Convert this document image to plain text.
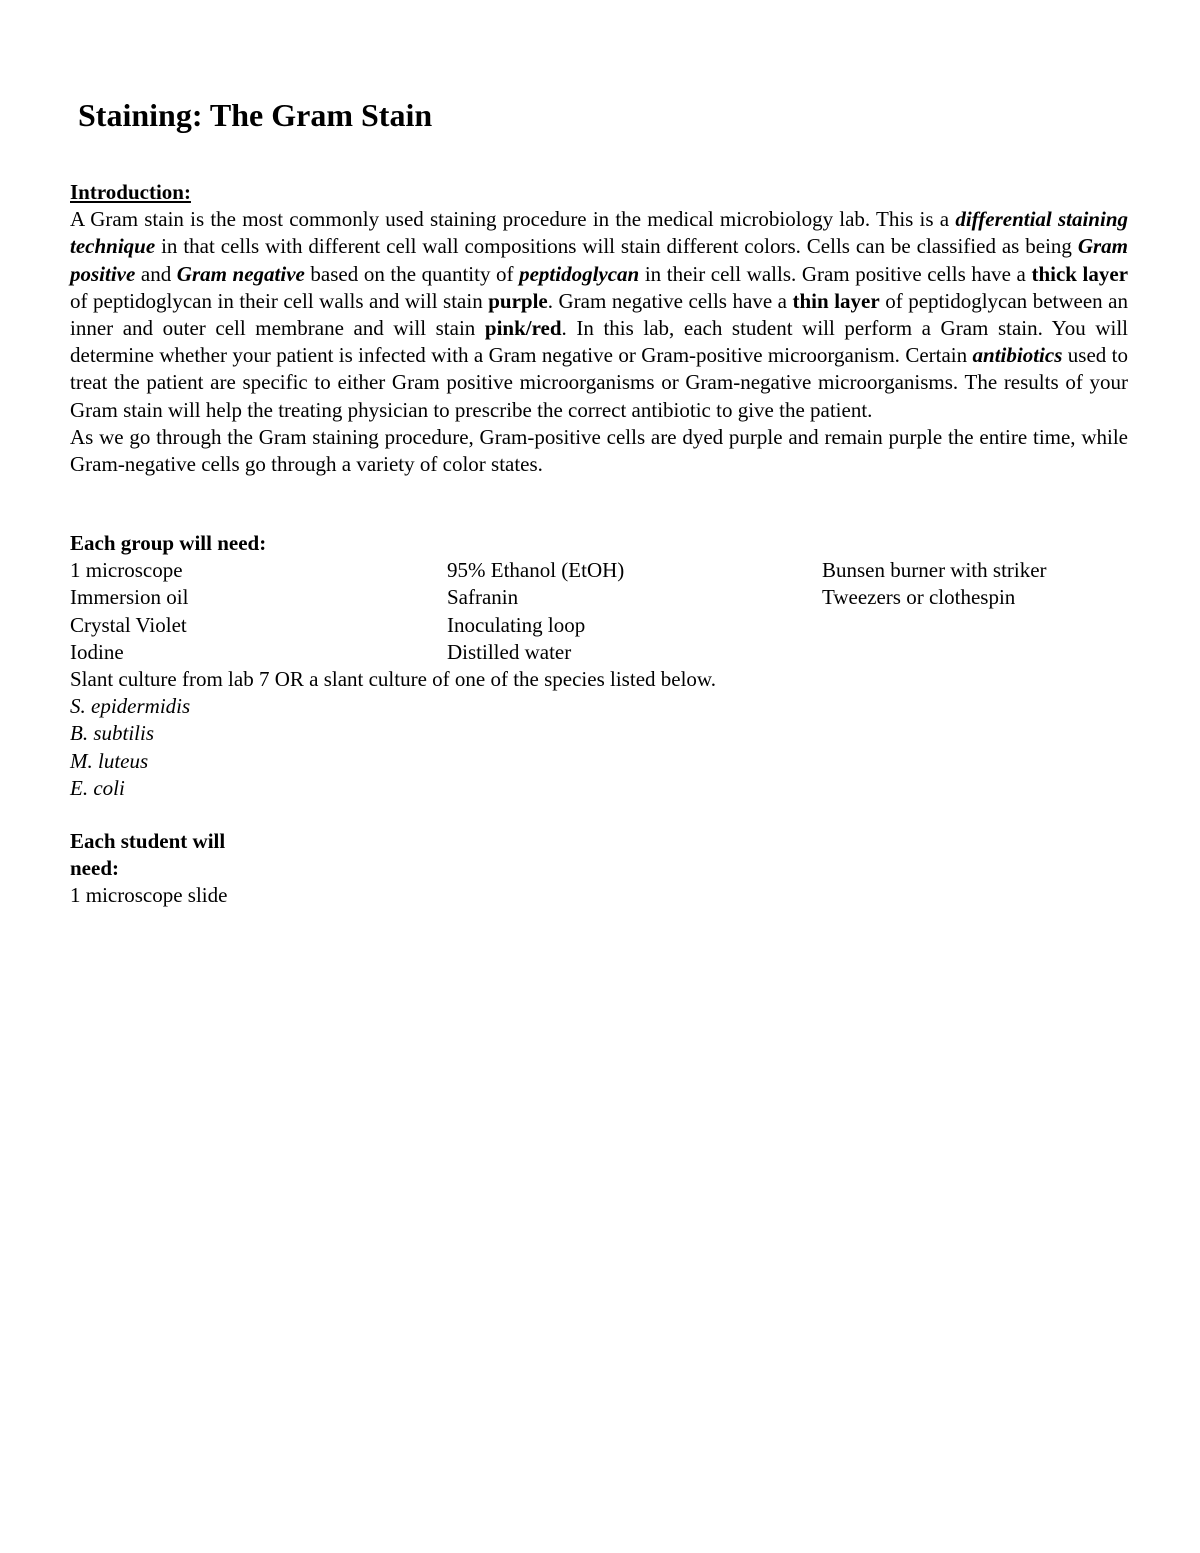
Staining: The Gram Stain
Introduction:

A Gram stain is the most commonly used staining procedure in the medical microbiology lab. This is a differential staining technique in that cells with different cell wall compositions will stain different colors. Cells can be classified as being Gram positive and Gram negative based on the quantity of peptidoglycan in their cell walls. Gram positive cells have a thick layer of peptidoglycan in their cell walls and will stain purple. Gram negative cells have a thin layer of peptidoglycan between an inner and outer cell membrane and will stain pink/red. In this lab, each student will perform a Gram stain. You will determine whether your patient is infected with a Gram negative or Gram-positive microorganism. Certain antibiotics used to treat the patient are specific to either Gram positive microorganisms or Gram-negative microorganisms. The results of your Gram stain will help the treating physician to prescribe the correct antibiotic to give the patient.

As we go through the Gram staining procedure, Gram-positive cells are dyed purple and remain purple the entire time, while Gram-negative cells go through a variety of color states.

Each group will need:
1 microscope	95% Ethanol (EtOH)	Bunsen burner with striker
Immersion oil	Safranin	Tweezers or clothespin
Crystal Violet	Inoculating loop
Iodine	Distilled water
Slant culture from lab 7 OR a slant culture of one of the species listed below.
S. epidermidis
B. subtilis
M. luteus
E. coli
Each student will need:
1 microscope slide
